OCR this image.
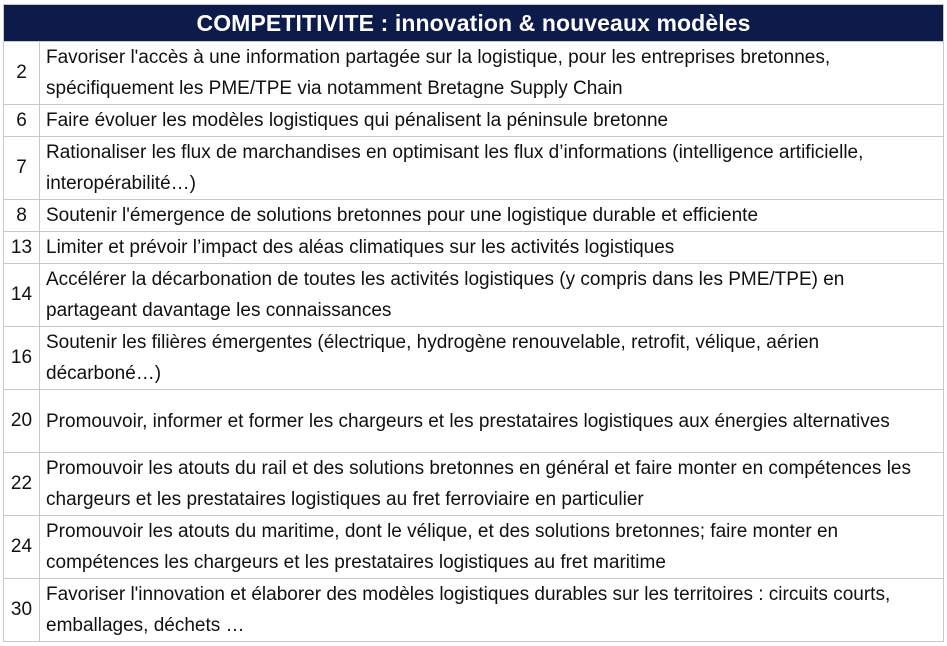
COMPETITIVITE : innovation & nouveaux modèles	
2	Favoriser l'accès à une information partagée sur la logistique, pour les entreprises bretonnes, spécifiquement les PME/TPE via notamment Bretagne Supply Chain
6	Faire évoluer les modèles logistiques qui pénalisent la péninsule bretonne
7	Rationaliser les flux de marchandises en optimisant les flux d’informations (intelligence artificielle, interopérabilité…)
8	Soutenir l'émergence de solutions bretonnes pour une logistique durable et efficiente
13	Limiter et prévoir l’impact des aléas climatiques sur les activités logistiques
14	Accélérer la décarbonation de toutes les activités logistiques (y compris dans les PME/TPE) en partageant davantage les connaissances
16	Soutenir les filières émergentes (électrique, hydrogène renouvelable, retrofit, vélique, aérien décarboné…)
20	Promouvoir, informer et former les chargeurs et les prestataires logistiques aux énergies alternatives
22	Promouvoir les atouts du rail et des solutions bretonnes en général et faire monter en compétences les chargeurs et les prestataires logistiques au fret ferroviaire en particulier
24	Promouvoir les atouts du maritime, dont le vélique, et des solutions bretonnes; faire monter en compétences les chargeurs et les prestataires logistiques au fret maritime
30	Favoriser l'innovation et élaborer des modèles logistiques durables sur les territoires : circuits courts, emballages, déchets …
